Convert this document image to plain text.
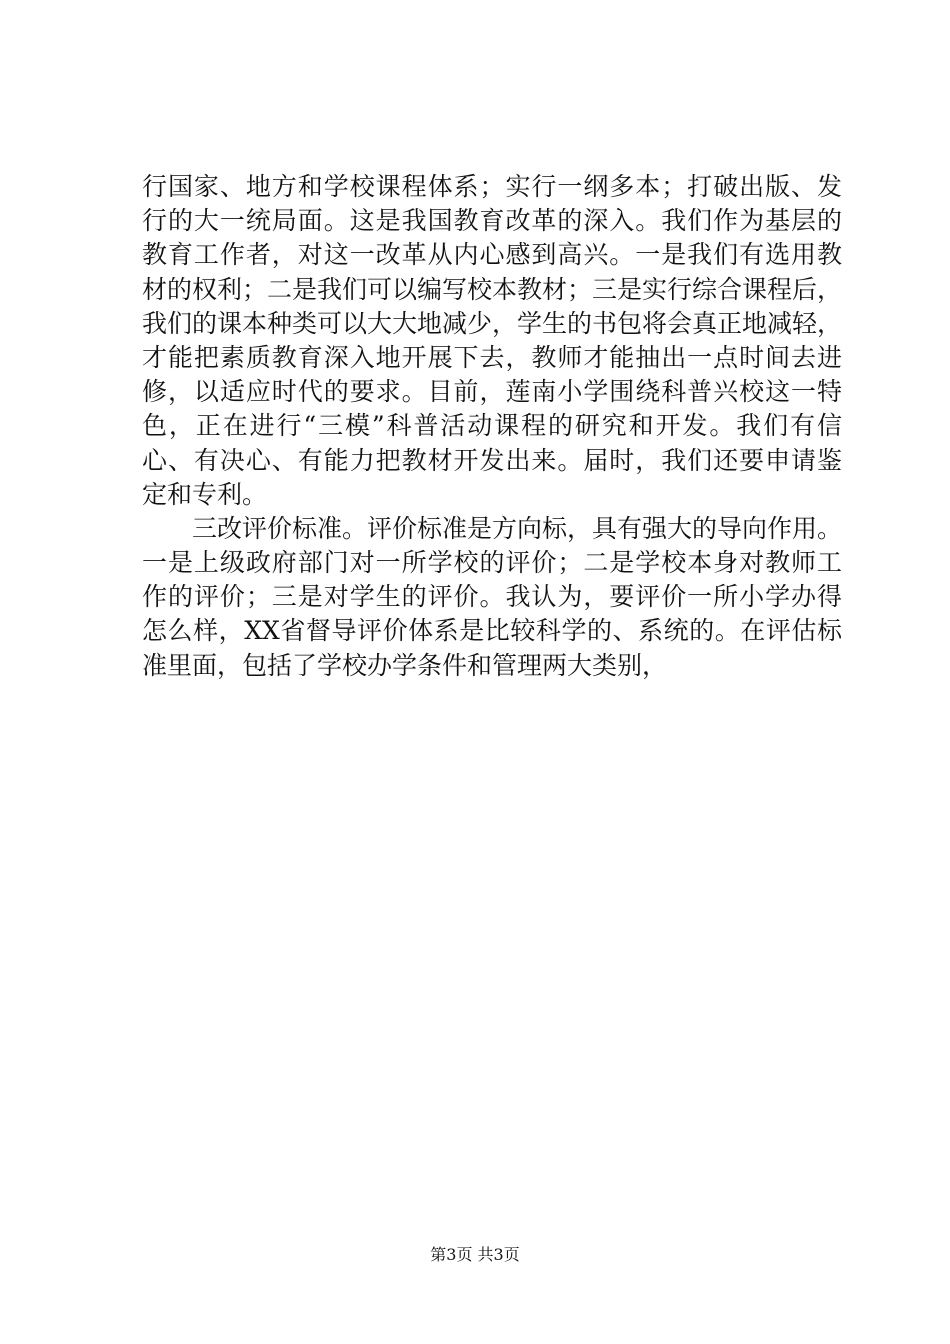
行国家、地方和学校课程体系；实行一纲多本；打破出版、发
行的大一统局面。这是我国教育改革的深入。我们作为基层的
教育工作者，对这一改革从内心感到高兴。一是我们有选用教
材的权利；二是我们可以编写校本教材；三是实行综合课程后，
我们的课本种类可以大大地减少，学生的书包将会真正地减轻，
才能把素质教育深入地开展下去，教师才能抽出一点时间去进
修，以适应时代的要求。目前，莲南小学围绕科普兴校这一特
色，正在进行“三模”科普活动课程的研究和开发。我们有信
心、有决心、有能力把教材开发出来。届时，我们还要申请鉴
定和专利。
　　三改评价标准。评价标准是方向标，具有强大的导向作用。
一是上级政府部门对一所学校的评价；二是学校本身对教师工
作的评价；三是对学生的评价。我认为，要评价一所小学办得
怎么样，XX省督导评价体系是比较科学的、系统的。在评估标
准里面，包括了学校办学条件和管理两大类别，
第3页 共3页
